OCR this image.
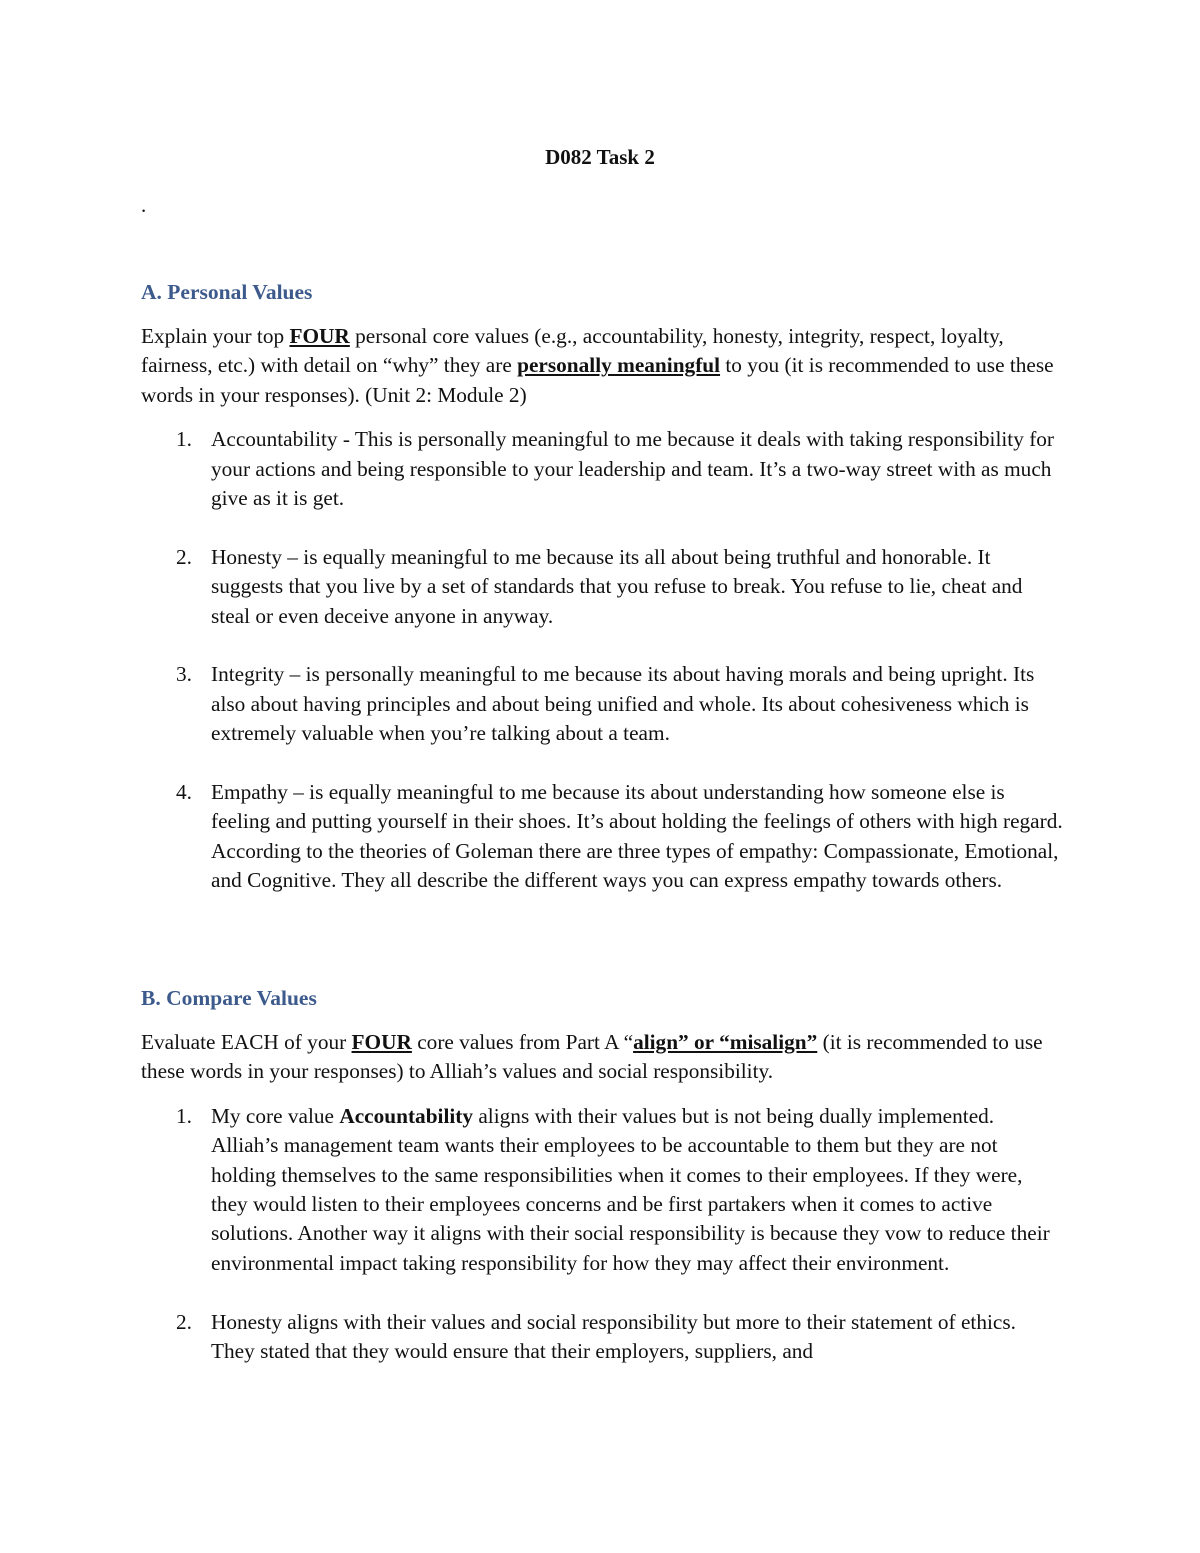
D082 Task 2
.
A. Personal Values

Explain your top FOUR personal core values (e.g., accountability, honesty, integrity, respect, loyalty, fairness, etc.) with detail on “why” they are personally meaningful to you (it is recommended to use these words in your responses). (Unit 2: Module 2)

1. Accountability - This is personally meaningful to me because it deals with taking responsibility for your actions and being responsible to your leadership and team. It’s a two-way street with as much give as it is get.
2. Honesty – is equally meaningful to me because its all about being truthful and honorable. It suggests that you live by a set of standards that you refuse to break. You refuse to lie, cheat and steal or even deceive anyone in anyway.
3. Integrity – is personally meaningful to me because its about having morals and being upright. Its also about having principles and about being unified and whole. Its about cohesiveness which is extremely valuable when you’re talking about a team.
4. Empathy – is equally meaningful to me because its about understanding how someone else is feeling and putting yourself in their shoes. It’s about holding the feelings of others with high regard. According to the theories of Goleman there are three types of empathy: Compassionate, Emotional, and Cognitive. They all describe the different ways you can express empathy towards others.
B. Compare Values

Evaluate EACH of your FOUR core values from Part A “align” or “misalign” (it is recommended to use these words in your responses) to Alliah’s values and social responsibility.

1. My core value Accountability aligns with their values but is not being dually implemented. Alliah’s management team wants their employees to be accountable to them but they are not holding themselves to the same responsibilities when it comes to their employees. If they were, they would listen to their employees concerns and be first partakers when it comes to active solutions. Another way it aligns with their social responsibility is because they vow to reduce their environmental impact taking responsibility for how they may affect their environment.
2. Honesty aligns with their values and social responsibility but more to their statement of ethics. They stated that they would ensure that their employers, suppliers, and
